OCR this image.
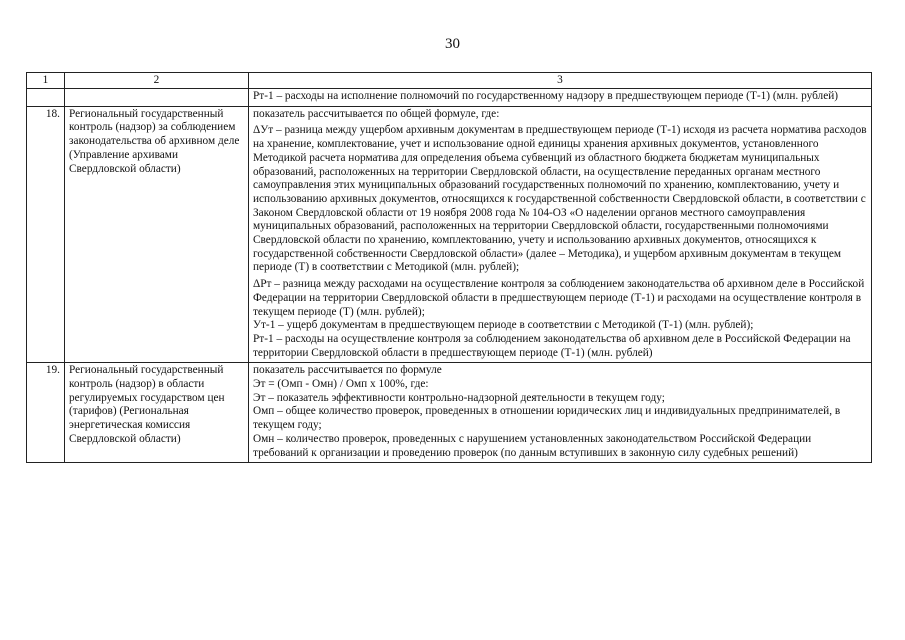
30
1	2	3

		Рт-1 – расходы на исполнение полномочий по государственному надзору в предшествующем периоде (Т-1) (млн. рублей)

18.	Региональный государственный контроль (надзор) за соблюдением законодательства об архивном деле (Управление архивами Свердловской области)	показатель рассчитывается по общей формуле, где:
ΔУт – разница между ущербом архивным документам в предшествующем периоде (Т-1) исходя из расчета норматива расходов на хранение, комплектование, учет и использование одной единицы хранения архивных документов, установленного Методикой расчета норматива для определения объема субвенций из областного бюджета бюджетам муниципальных образований, расположенных на территории Свердловской области, на осуществление переданных органам местного самоуправления этих муниципальных образований государственных полномочий по хранению, комплектованию, учету и использованию архивных документов, относящихся к государственной собственности Свердловской области, в соответствии с Законом Свердловской области от 19 ноября 2008 года № 104-ОЗ «О наделении органов местного самоуправления муниципальных образований, расположенных на территории Свердловской области, государственными полномочиями Свердловской области по хранению, комплектованию, учету и использованию архивных документов, относящихся к государственной собственности Свердловской области» (далее – Методика), и ущербом архивным документам в текущем периоде (Т) в соответствии с Методикой (млн. рублей);
ΔРт – разница между расходами на осуществление контроля за соблюдением законодательства об архивном деле в Российской Федерации на территории Свердловской области в предшествующем периоде (Т-1) и расходами на осуществление контроля в текущем периоде (Т) (млн. рублей);
Ут-1 – ущерб документам в предшествующем периоде в соответствии с Методикой (Т-1) (млн. рублей);
Рт-1 – расходы на осуществление контроля за соблюдением законодательства об архивном деле в Российской Федерации на территории Свердловской области в предшествующем периоде (Т-1) (млн. рублей)

19.	Региональный государственный контроль (надзор) в области регулируемых государством цен (тарифов) (Региональная энергетическая комиссия Свердловской области)	показатель рассчитывается по формуле
Эт = (Омп - Омн) / Омп х 100%, где:
Эт – показатель эффективности контрольно-надзорной деятельности в текущем году;
Омп – общее количество проверок, проведенных в отношении юридических лиц и индивидуальных предпринимателей, в текущем году;
Омн – количество проверок, проведенных с нарушением установленных законодательством Российской Федерации требований к организации и проведению проверок (по данным вступивших в законную силу судебных решений)
